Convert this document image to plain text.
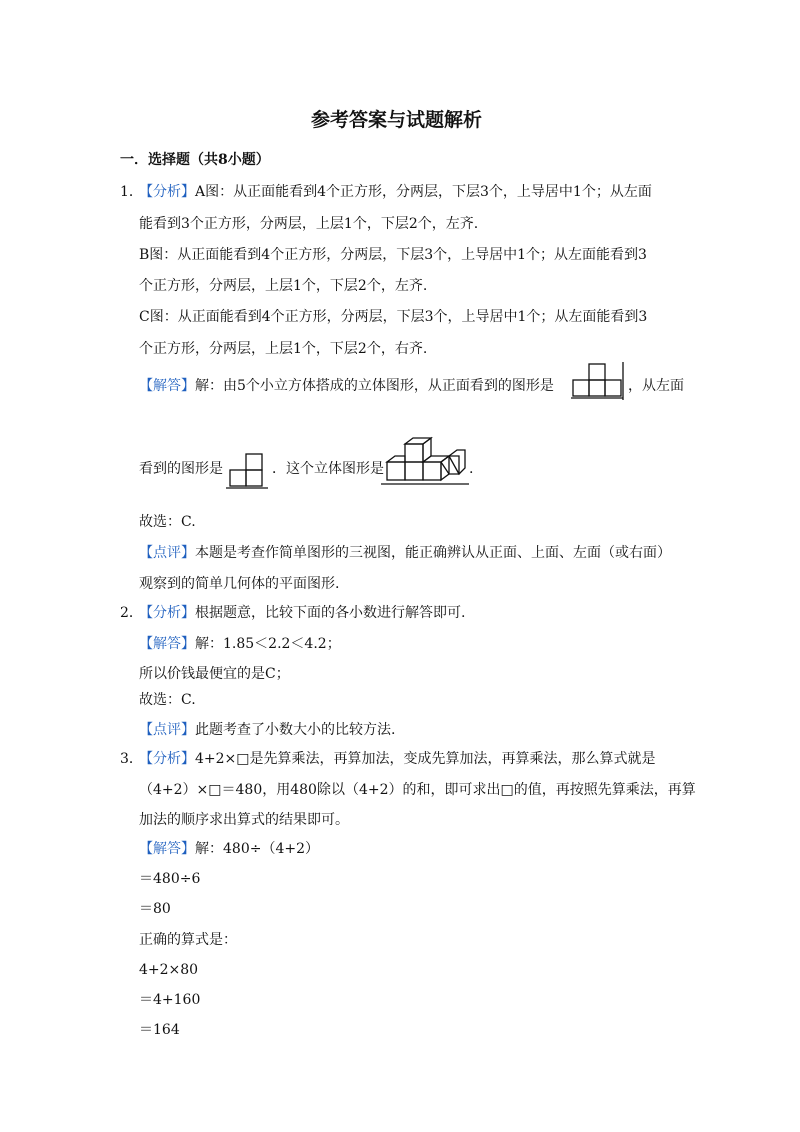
参考答案与试题解析
一．选择题（共8小题）
1．
【分析】A图：从正面能看到4个正方形，分两层，下层3个，上导居中1个；从左面
能看到3个正方形，分两层，上层1个，下层2个，左齐.
B图：从正面能看到4个正方形，分两层，下层3个，上导居中1个；从左面能看到3
个正方形，分两层，上层1个，下层2个，左齐.
C图：从正面能看到4个正方形，分两层，下层3个，上导居中1个；从左面能看到3
个正方形，分两层，上层1个，下层2个，右齐.
【解答】解：由5个小立方体搭成的立体图形，从正面看到的图形是	，从左面
看到的图形是	．这个立体图形是	.
故选：C.
【点评】本题是考查作简单图形的三视图，能正确辨认从正面、上面、左面（或右面）
观察到的简单几何体的平面图形.
2．
【分析】根据题意，比较下面的各小数进行解答即可.
【解答】解：1.85＜2.2＜4.2；
所以价钱最便宜的是C；
故选：C.
【点评】此题考查了小数大小的比较方法.
3．
【分析】4+2×□是先算乘法，再算加法，变成先算加法，再算乘法，那么算式就是
（4+2）×□＝480，用480除以（4+2）的和，即可求出□的值，再按照先算乘法，再算
加法的顺序求出算式的结果即可。
【解答】解：480÷（4+2）
＝480÷6
＝80
正确的算式是：
4+2×80
＝4+160
＝164
